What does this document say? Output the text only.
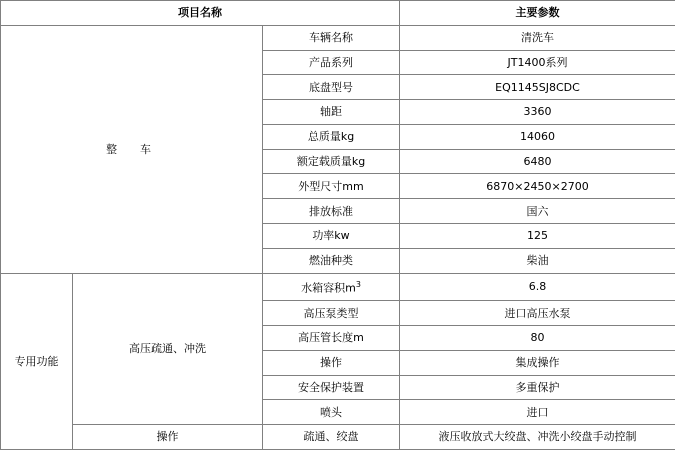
项目名称			主要参数
整　车		车辆名称	清洗车
		产品系列	JT1400系列
		底盘型号	EQ1145SJ8CDC
		轴距	3360
		总质量kg	14060
		额定载质量kg	6480
		外型尺寸mm	6870×2450×2700
		排放标准	国六
		功率kw	125
		燃油种类	柴油
专用功能	高压疏通、冲洗	水箱容积$m^3$	6.8
		高压泵类型	进口高压水泵
		高压管长度m	80
		操作	集成操作
		安全保护装置	多重保护
		喷头	进口
	操作	疏通、绞盘	液压收放式大绞盘、冲洗小绞盘手动控制
